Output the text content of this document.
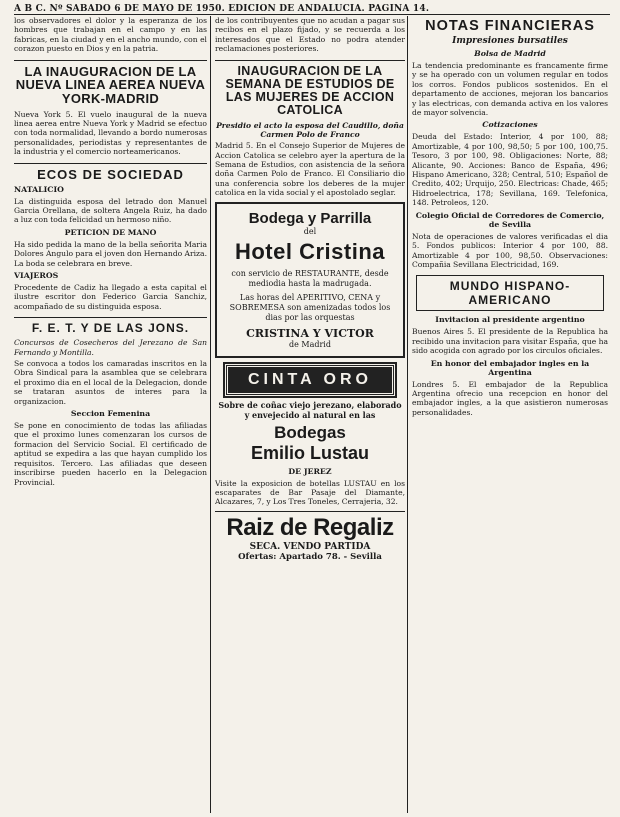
A B C. Nº SABADO 6 DE MAYO DE 1950. EDICION DE ANDALUCIA. PAGINA 14.

los observadores el dolor y la esperanza de los hombres que trabajan en el campo y en las fabricas, en la ciudad y en el ancho mundo, con el corazon puesto en Dios y en la patria.

LA INAUGURACION DE LA NUEVA LINEA AEREA NUEVA YORK-MADRID

Nueva York 5. El vuelo inaugural de la nueva linea aerea entre Nueva York y Madrid se efectuo con toda normalidad, llevando a bordo numerosas personalidades, periodistas y representantes de la industria y el comercio norteamericanos.

ECOS DE SOCIEDAD
NATALICIO

La distinguida esposa del letrado don Manuel Garcia Orellana, de soltera Angela Ruiz, ha dado a luz con toda felicidad un hermoso niño.

PETICION DE MANO

Ha sido pedida la mano de la bella señorita Maria Dolores Angulo para el joven don Hernando Ariza. La boda se celebrara en breve.

VIAJEROS

Procedente de Cadiz ha llegado a esta capital el ilustre escritor don Federico Garcia Sanchiz, acompañado de su distinguida esposa.

F. E. T. Y DE LAS JONS.

Concursos de Cosecheros del Jerezano de San Fernando y Montilla.

Se convoca a todos los camaradas inscritos en la Obra Sindical para la asamblea que se celebrara el proximo dia en el local de la Delegacion, donde se trataran asuntos de interes para la organizacion.

Seccion Femenina

Se pone en conocimiento de todas las afiliadas que el proximo lunes comenzaran los cursos de formacion del Servicio Social. El certificado de aptitud se expedira a las que hayan cumplido los requisitos. Tercero. Las afiliadas que deseen inscribirse pueden hacerlo en la Delegacion Provincial.

de los contribuyentes que no acudan a pagar sus recibos en el plazo fijado, y se recuerda a los interesados que el Estado no podra atender reclamaciones posteriores.

INAUGURACION DE LA SEMANA DE ESTUDIOS DE LAS MUJERES DE ACCION CATOLICA
Presidio el acto la esposa del Caudillo, doña Carmen Polo de Franco

Madrid 5. En el Consejo Superior de Mujeres de Accion Catolica se celebro ayer la apertura de la Semana de Estudios, con asistencia de la señora doña Carmen Polo de Franco. El Consiliario dio una conferencia sobre los deberes de la mujer catolica en la vida social y el apostolado seglar.

Bodega y Parrilla
del
Hotel Cristina
con servicio de RESTAURANTE, desde mediodia hasta la madrugada.
Las horas del APERITIVO, CENA y SOBREMESA son amenizadas todos los dias por las orquestas
CRISTINA Y VICTOR
de Madrid
CINTA ORO
Sobre de coñac viejo jerezano, elaborado y envejecido al natural en las
Bodegas
Emilio Lustau
DE JEREZ

Visite la exposicion de botellas LUSTAU en los escaparates de Bar Pasaje del Diamante, Alcazares, 7, y Los Tres Toneles, Cerrajeria, 32.

Raiz de Regaliz
SECA. VENDO PARTIDA
Ofertas: Apartado 78. - Sevilla
NOTAS FINANCIERAS
Impresiones bursatiles
Bolsa de Madrid

La tendencia predominante es francamente firme y se ha operado con un volumen regular en todos los corros. Fondos publicos sostenidos. En el departamento de acciones, mejoran los bancarios y las electricas, con demanda activa en los valores de mayor solvencia.

Cotizaciones

Deuda del Estado: Interior, 4 por 100, 88; Amortizable, 4 por 100, 98,50; 5 por 100, 100,75. Tesoro, 3 por 100, 98. Obligaciones: Norte, 88; Alicante, 90. Acciones: Banco de España, 496; Hispano Americano, 328; Central, 510; Español de Credito, 402; Urquijo, 250. Electricas: Chade, 465; Hidroelectrica, 178; Sevillana, 169. Telefonica, 148. Petroleos, 120.

Colegio Oficial de Corredores de Comercio, de Sevilla

Nota de operaciones de valores verificadas el dia 5. Fondos publicos: Interior 4 por 100, 88. Amortizable 4 por 100, 98,50. Observaciones: Compañia Sevillana Electricidad, 169.

MUNDO HISPANO-AMERICANO
Invitacion al presidente argentino

Buenos Aires 5. El presidente de la Republica ha recibido una invitacion para visitar España, que ha sido acogida con agrado por los circulos oficiales.

En honor del embajador ingles en la Argentina

Londres 5. El embajador de la Republica Argentina ofrecio una recepcion en honor del embajador ingles, a la que asistieron numerosas personalidades.
